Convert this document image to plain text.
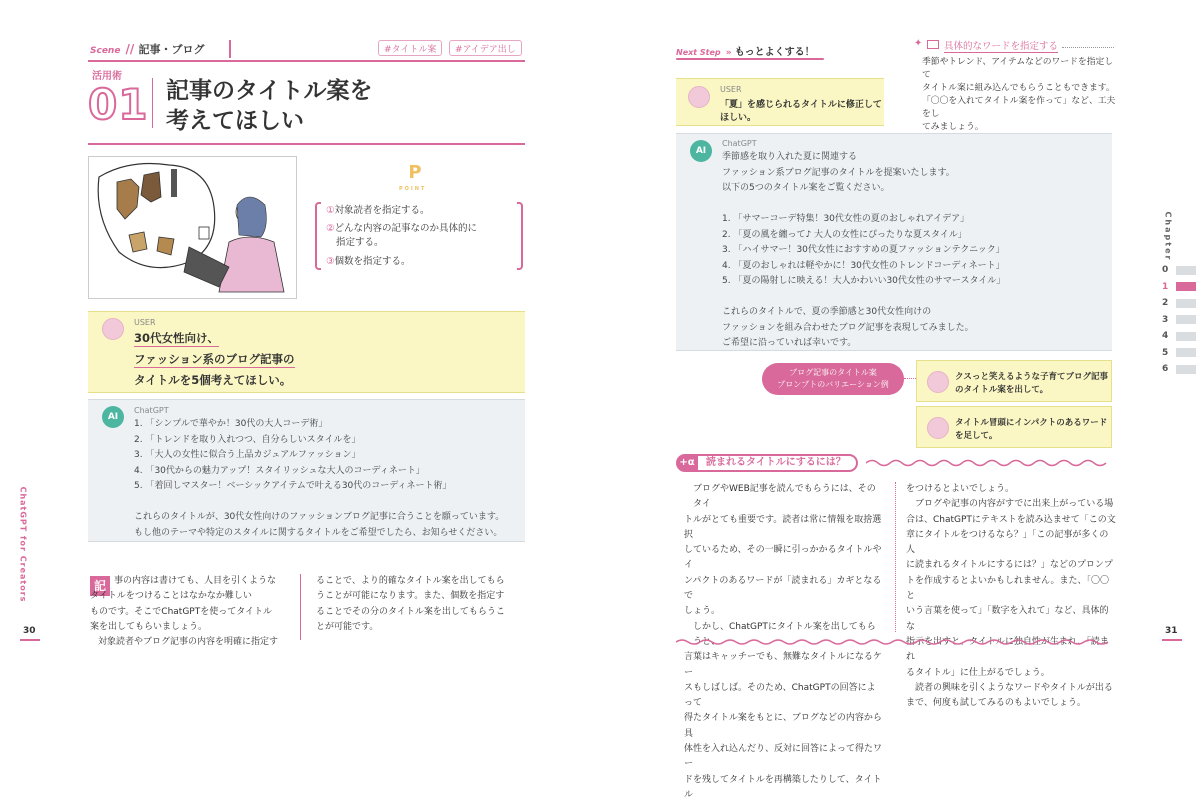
Scene // 記事・ブログ	#タイトル案	#アイデア出し
活用術
01 記事のタイトル案を
考えてほしい
P
POINT
①対象読者を指定する。
②どんな内容の記事なのか具体的に
指定する。
③個数を指定する。
USER
30代女性向け、
ファッション系のブログ記事の
タイトルを5個考えてほしい。
AI
ChatGPT
1. 「シンプルで華やか！30代の大人コーデ術」
2. 「トレンドを取り入れつつ、自分らしいスタイルを」
3. 「大人の女性に似合う上品カジュアルファッション」
4. 「30代からの魅力アップ！スタイリッシュな大人のコーディネート」
5. 「着回しマスター！ベーシックアイテムで叶える30代のコーディネート術」
これらのタイトルが、30代女性向けのファッションブログ記事に合うことを願っています。
もし他のテーマや特定のスタイルに関するタイトルをご希望でしたら、お知らせください。
記 事の内容は書けても、人目を引くような
タイトルをつけることはなかなか難しい
ものです。そこでChatGPTを使ってタイトル
案を出してもらいましょう。
対象読者やブログ記事の内容を明確に指定す
ることで、より的確なタイトル案を出してもら
うことが可能になります。また、個数を指定す
ることでその分のタイトル案を出してもらうこ
とが可能です。
ChatGPT for Creators
30
Next Step » もっとよくする！
✦ 具体的なワードを指定する
季節やトレンド、アイテムなどのワードを指定して
タイトル案に組み込んでもらうこともできます。
「〇〇を入れてタイトル案を作って」など、工夫をし
てみましょう。
USER
「夏」を感じられるタイトルに修正して
ほしい。
AI
ChatGPT
季節感を取り入れた夏に関連する
ファッション系ブログ記事のタイトルを提案いたします。
以下の5つのタイトル案をご覧ください。
1. 「サマーコーデ特集！30代女性の夏のおしゃれアイデア」
2. 「夏の風を纏って♪ 大人の女性にぴったりな夏スタイル」
3. 「ハイサマー！30代女性におすすめの夏ファッションテクニック」
4. 「夏のおしゃれは軽やかに！30代女性のトレンドコーディネート」
5. 「夏の陽射しに映える！大人かわいい30代女性のサマースタイル」
これらのタイトルで、夏の季節感と30代女性向けの
ファッションを組み合わせたブログ記事を表現してみました。
ご希望に沿っていれば幸いです。
ブログ記事のタイトル案
プロンプトのバリエーション例
クスっと笑えるような子育てブログ記事
のタイトル案を出して。
タイトル冒頭にインパクトのあるワード
を足して。
+α	読まれるタイトルにするには？
ブログやWEB記事を読んでもらうには、そのタイ
トルがとても重要です。読者は常に情報を取捨選択
しているため、その一瞬に引っかかるタイトルやイ
ンパクトのあるワードが「読まれる」カギとなるで
しょう。
しかし、ChatGPTにタイトル案を出してもらうと、
言葉はキャッチーでも、無難なタイトルになるケー
スもしばしば。そのため、ChatGPTの回答によって
得たタイトル案をもとに、ブログなどの内容から具
体性を入れ込んだり、反対に回答によって得たワー
ドを残してタイトルを再構築したりして、タイトル
をつけるとよいでしょう。
ブログや記事の内容がすでに出来上がっている場
合は、ChatGPTにテキストを読み込ませて「この文
章にタイトルをつけるなら？」「この記事が多くの人
に読まれるタイトルにするには？」などのプロンプ
トを作成するとよいかもしれません。また、「〇〇と
いう言葉を使って」「数字を入れて」など、具体的な
指示を出すと、タイトルに独自性が生まれ、「読まれ
るタイトル」に仕上がるでしょう。
読者の興味を引くようなワードやタイトルが出る
まで、何度も試してみるのもよいでしょう。
Chapter
0
1
2
3
4
5
6
31
